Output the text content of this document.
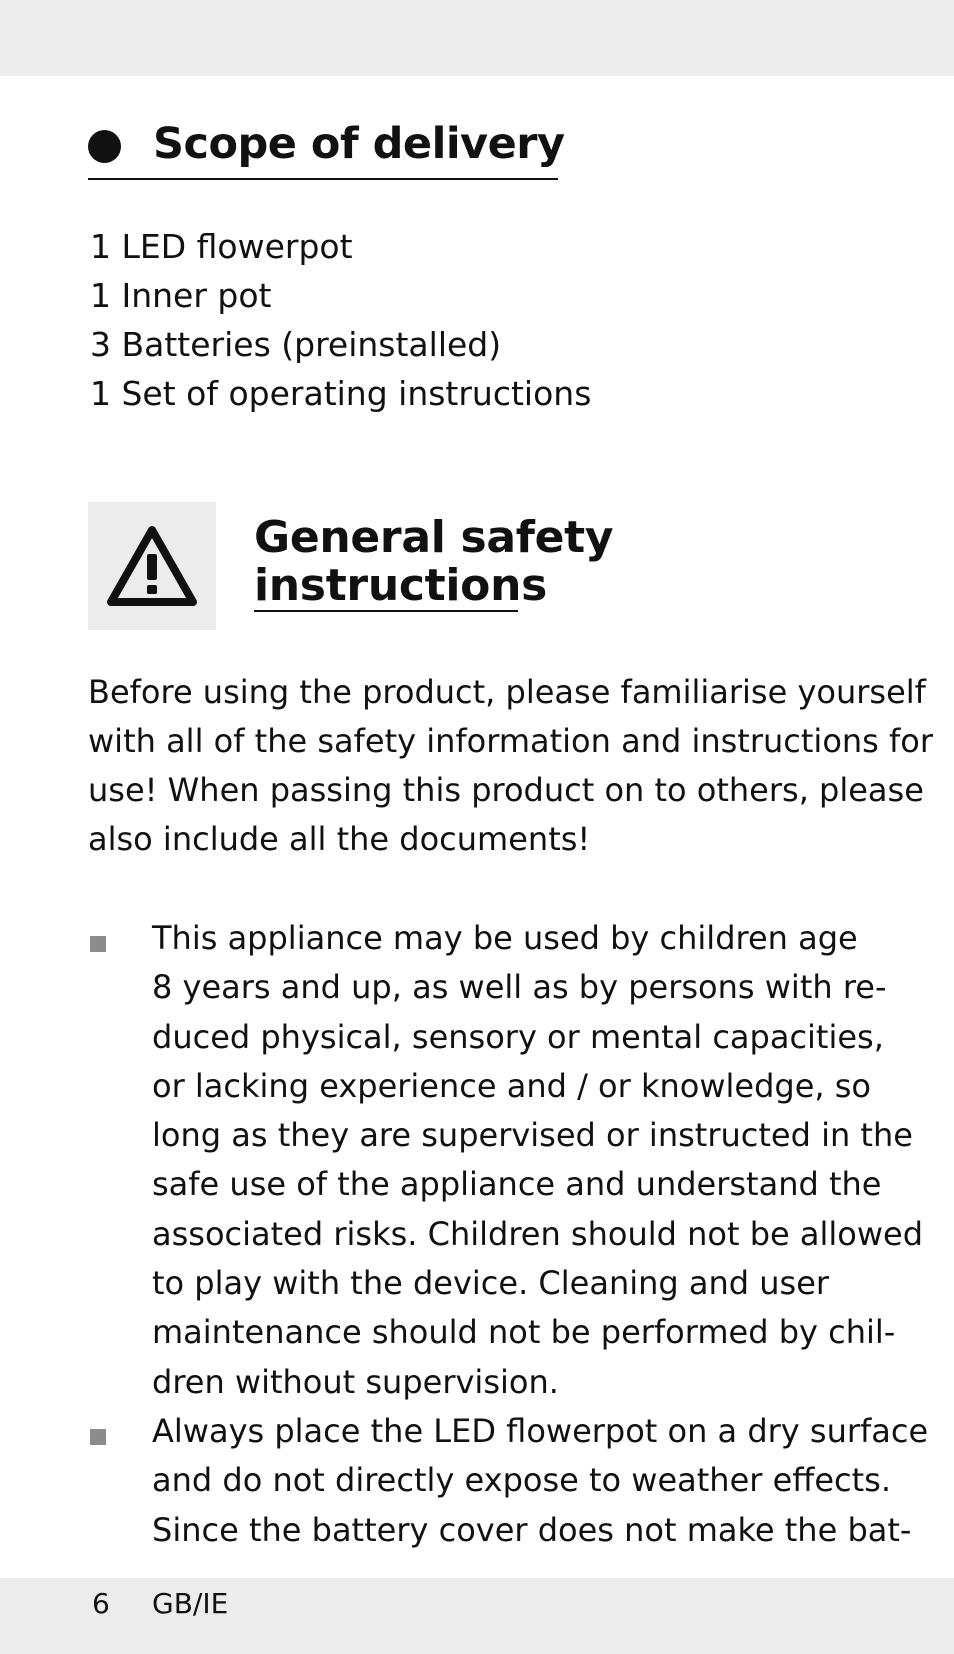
Scope of delivery
1 LED flowerpot
1 Inner pot
3 Batteries (preinstalled)
1 Set of operating instructions
General safety
instructions
Before using the product, please familiarise yourself
with all of the safety information and instructions for
use! When passing this product on to others, please
also include all the documents!
This appliance may be used by children age
8 years and up, as well as by persons with re-
duced physical, sensory or mental capacities,
or lacking experience and / or knowledge, so
long as they are supervised or instructed in the
safe use of the appliance and understand the
associated risks. Children should not be allowed
to play with the device. Cleaning and user
maintenance should not be performed by chil-
dren without supervision.
Always place the LED flowerpot on a dry surface
and do not directly expose to weather effects.
Since the battery cover does not make the bat-
6 GB/IE
